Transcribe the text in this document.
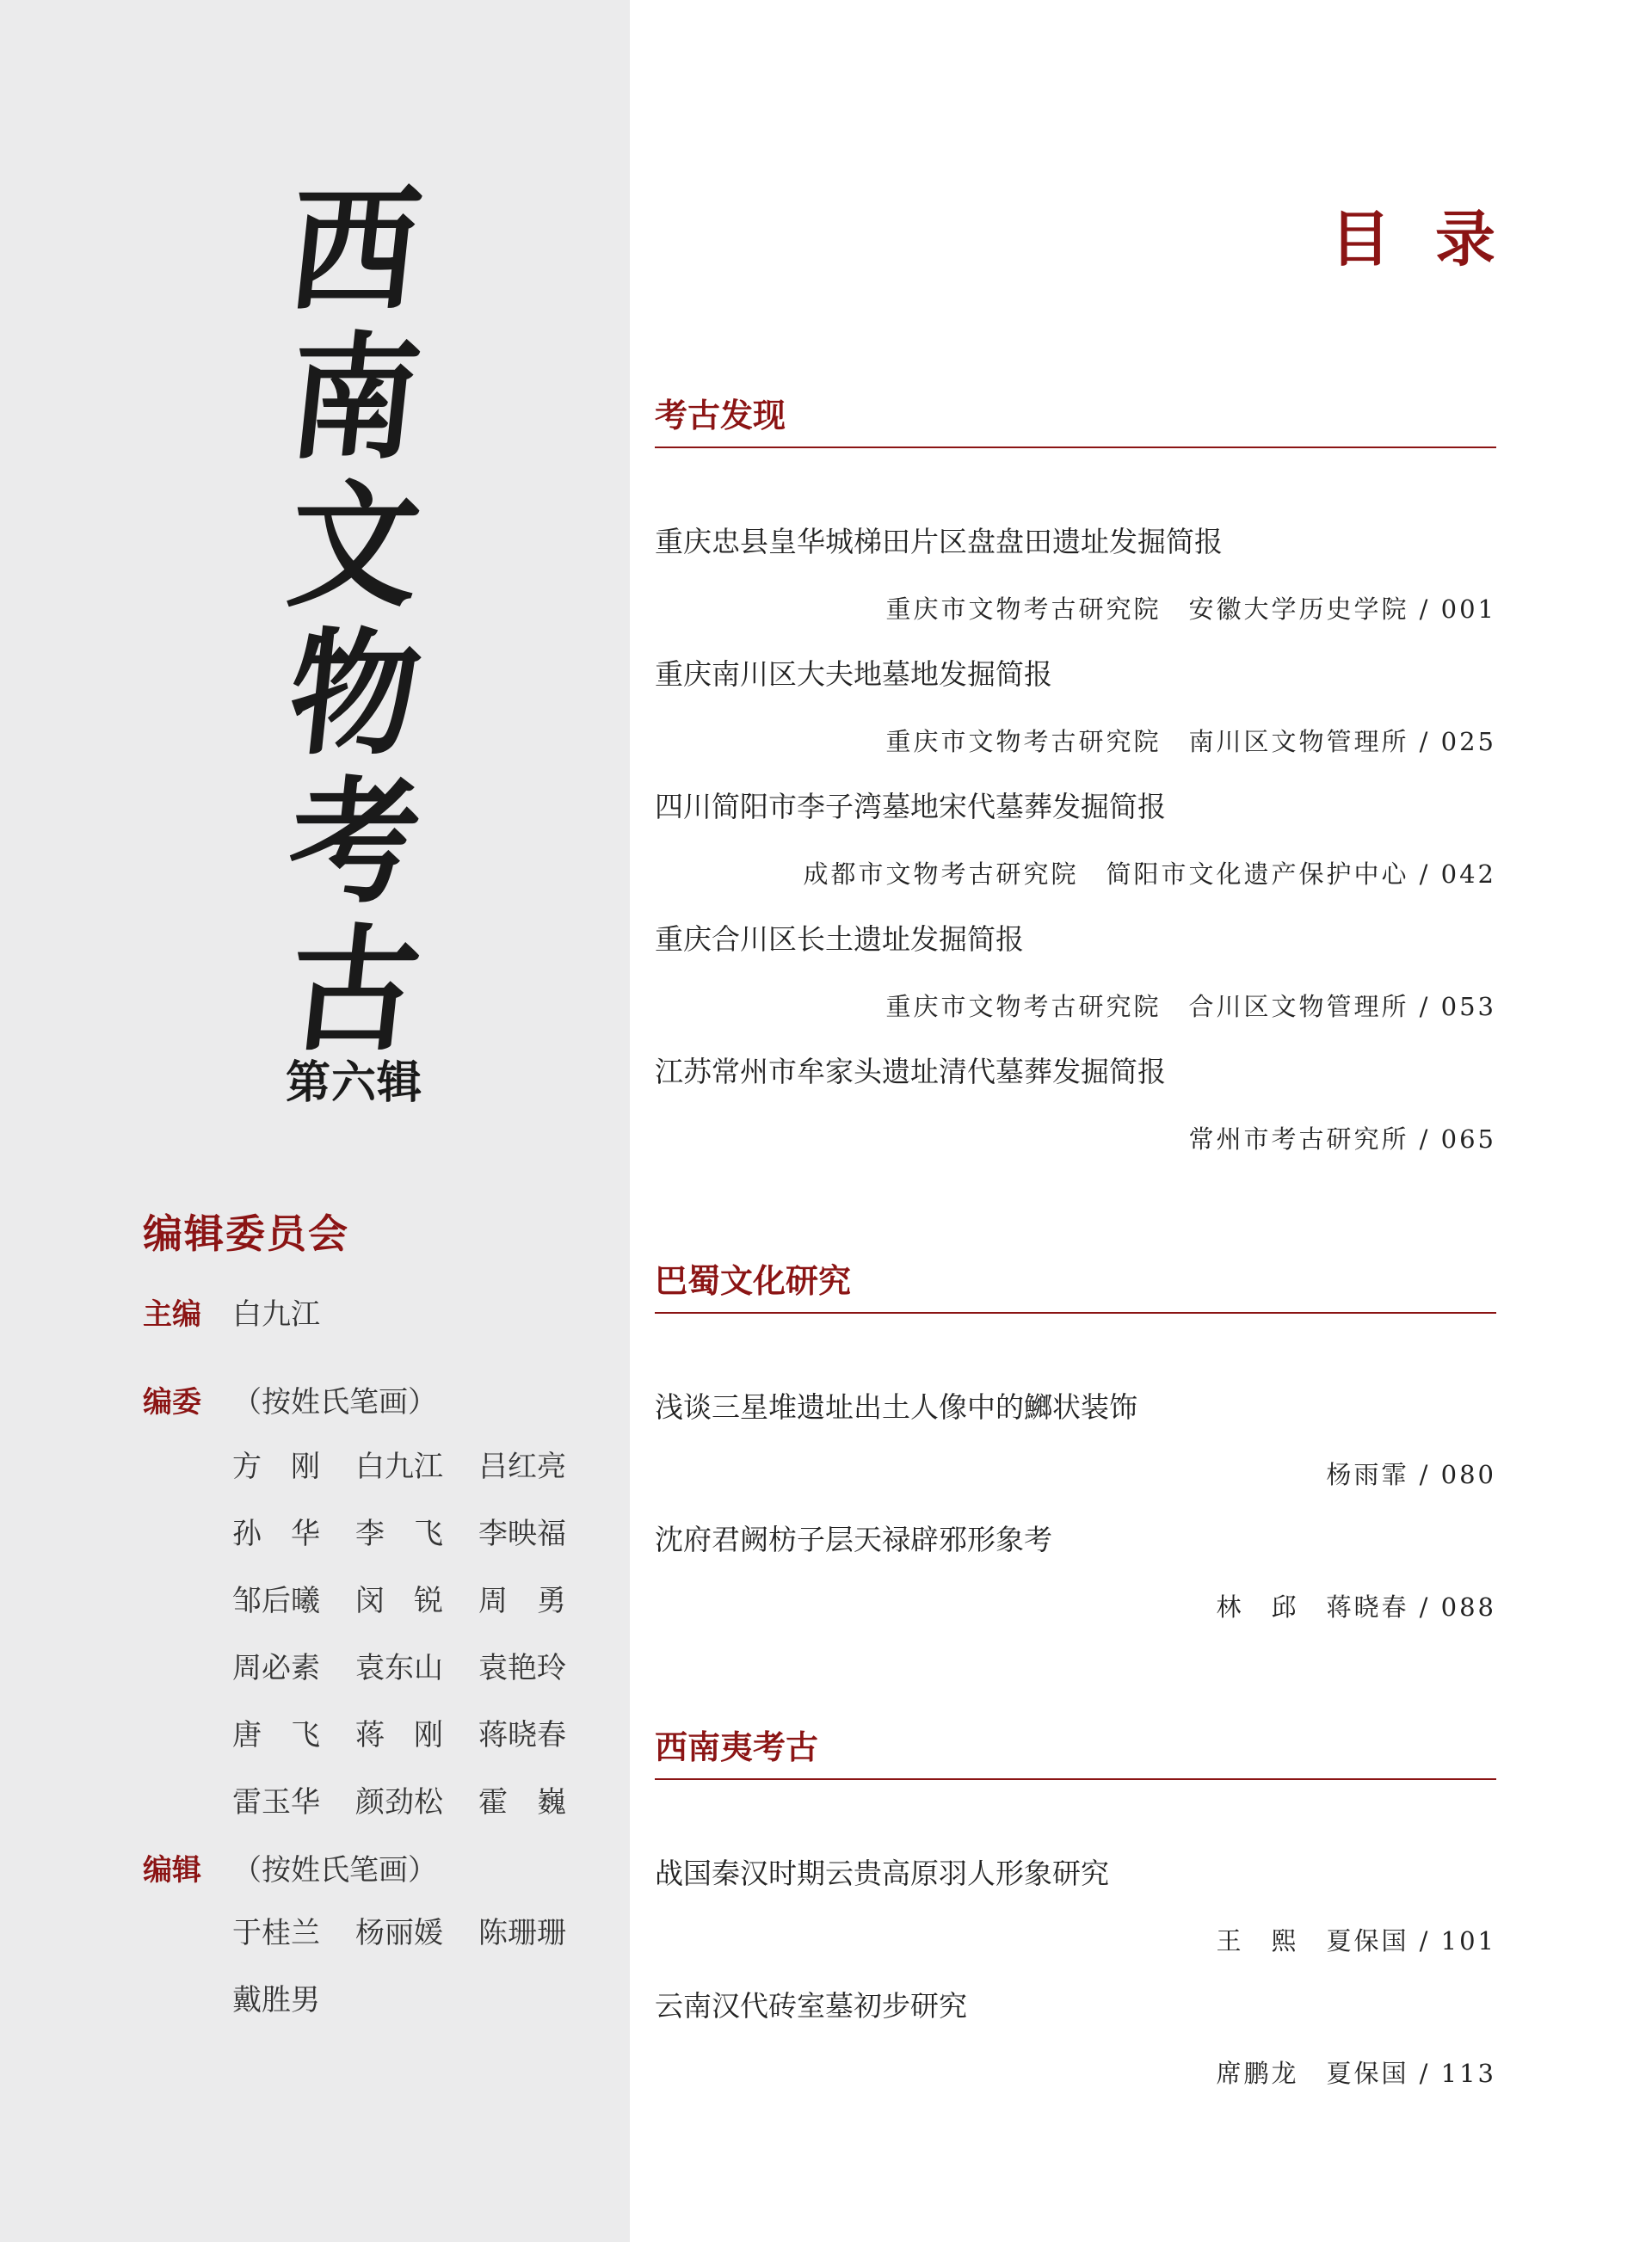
西
南
文
物
考
古
第六辑
编辑委员会
主编 白九江
编委 （按姓氏笔画）
方　刚	白九江	吕红亮
孙　华	李　飞	李映福
邹后曦	闵　锐	周　勇
周必素	袁东山	袁艳玲
唐　飞	蒋　刚	蒋晓春
雷玉华	颜劲松	霍　巍
编辑 （按姓氏笔画）
于桂兰	杨丽媛	陈珊珊
戴胜男
目录
考古发现

重庆忠县皇华城梯田片区盘盘田遗址发掘简报

重庆市文物考古研究院　安徽大学历史学院 / 001

重庆南川区大夫地墓地发掘简报

重庆市文物考古研究院　南川区文物管理所 / 025

四川简阳市李子湾墓地宋代墓葬发掘简报

成都市文物考古研究院　简阳市文化遗产保护中心 / 042

重庆合川区长土遗址发掘简报

重庆市文物考古研究院　合川区文物管理所 / 053

江苏常州市牟家头遗址清代墓葬发掘简报

常州市考古研究所 / 065

巴蜀文化研究

浅谈三星堆遗址出土人像中的鱜状装饰

杨雨霏 / 080

沈府君阙枋子层天禄辟邪形象考

林　邱　蒋晓春 / 088

西南夷考古

战国秦汉时期云贵高原羽人形象研究

王　熙　夏保国 / 101

云南汉代砖室墓初步研究

席鹏龙　夏保国 / 113
